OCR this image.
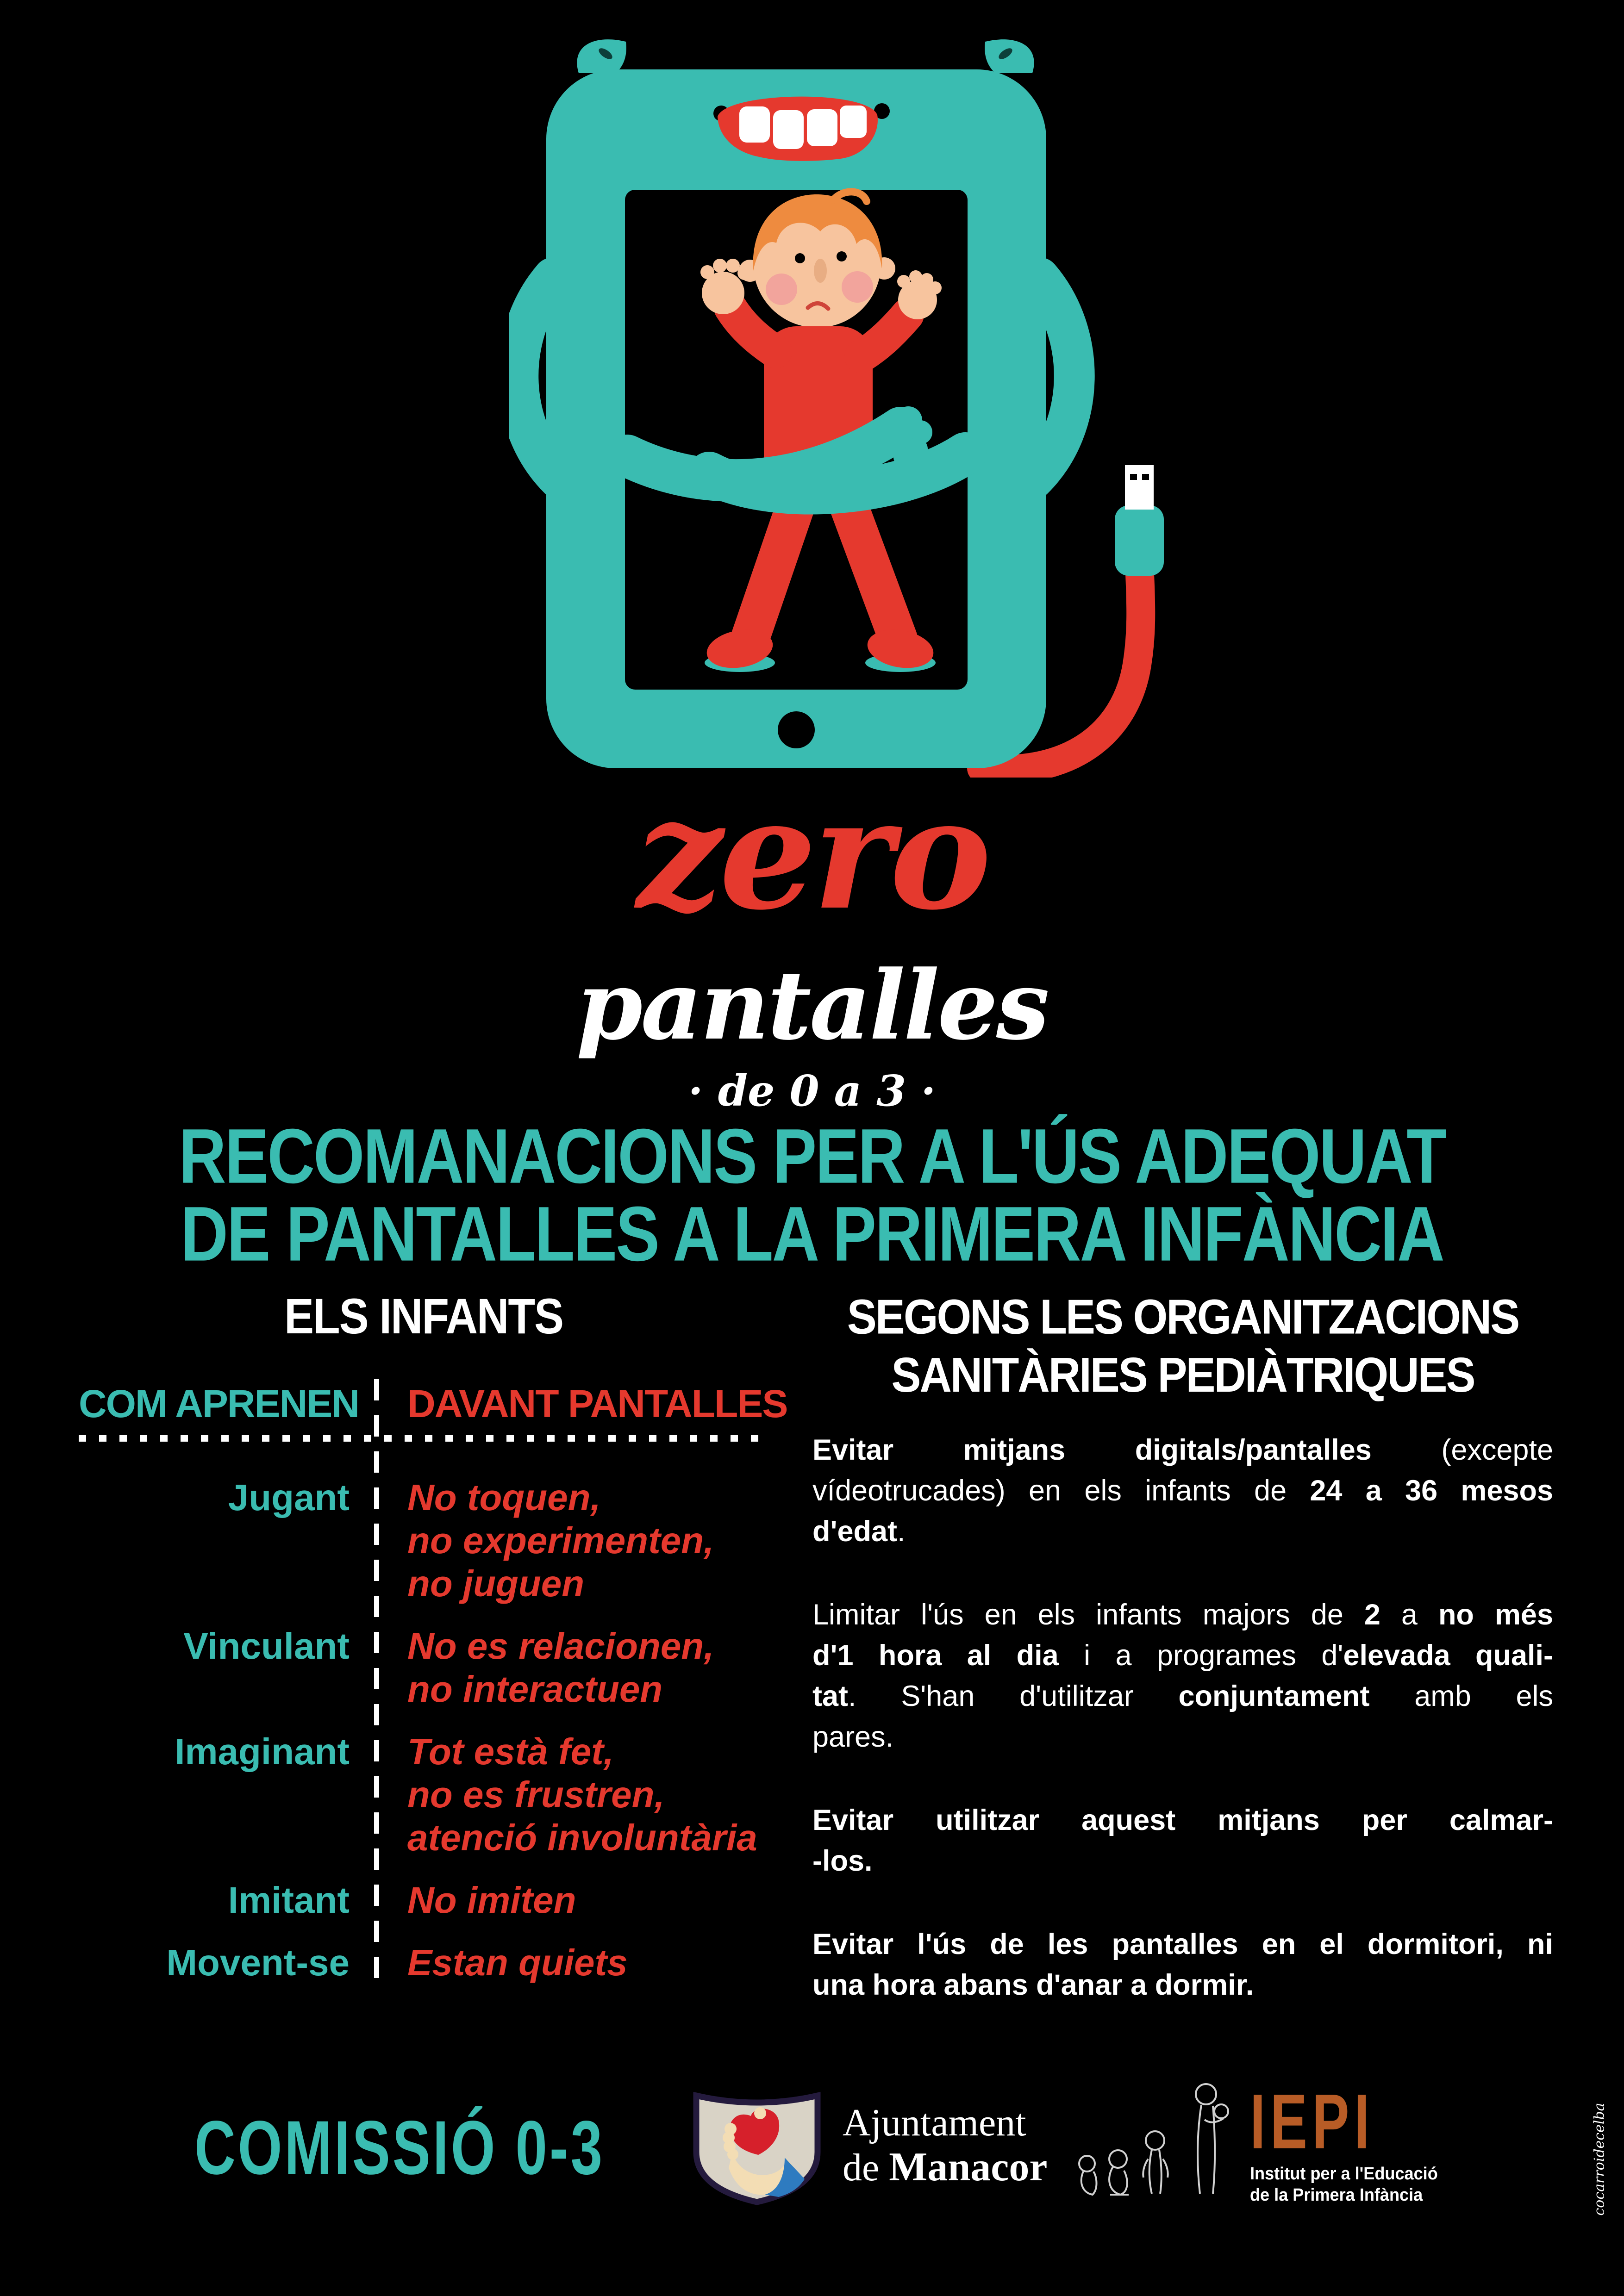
zero
pantalles
· de 0 a 3 ·
RECOMANACIONS PER A L'ÚS ADEQUAT
DE PANTALLES A LA PRIMERA INFÀNCIA
ELS INFANTS
COM APRENEN	DAVANT PANTALLES
Jugant	No toquen,
no experimenten,
no juguen
Vinculant	No es relacionen,
no interactuen
Imaginant	Tot està fet,
no es frustren,
atenció involuntària
Imitant	No imiten
Movent-se	Estan quiets
SEGONS LES ORGANITZACIONS
SANITÀRIES PEDIÀTRIQUES
Evitar mitjans digitals/pantalles (excepte
vídeotrucades) en els infants de 24 a 36 mesos
d'edat.
Limitar l'ús en els infants majors de 2 a no més
d'1 hora al dia i a programes d'elevada quali-
tat. S'han d'utilitzar conjuntament amb els
pares.
Evitar utilitzar aquest mitjans per calmar-
-los.
Evitar l'ús de les pantalles en el dormitori, ni
una hora abans d'anar a dormir.
COMISSIÓ 0-3	Ajuntament
de Manacor
IEPI
Institut per a l'Educació
de la Primera Infància	cocarroidecelba
